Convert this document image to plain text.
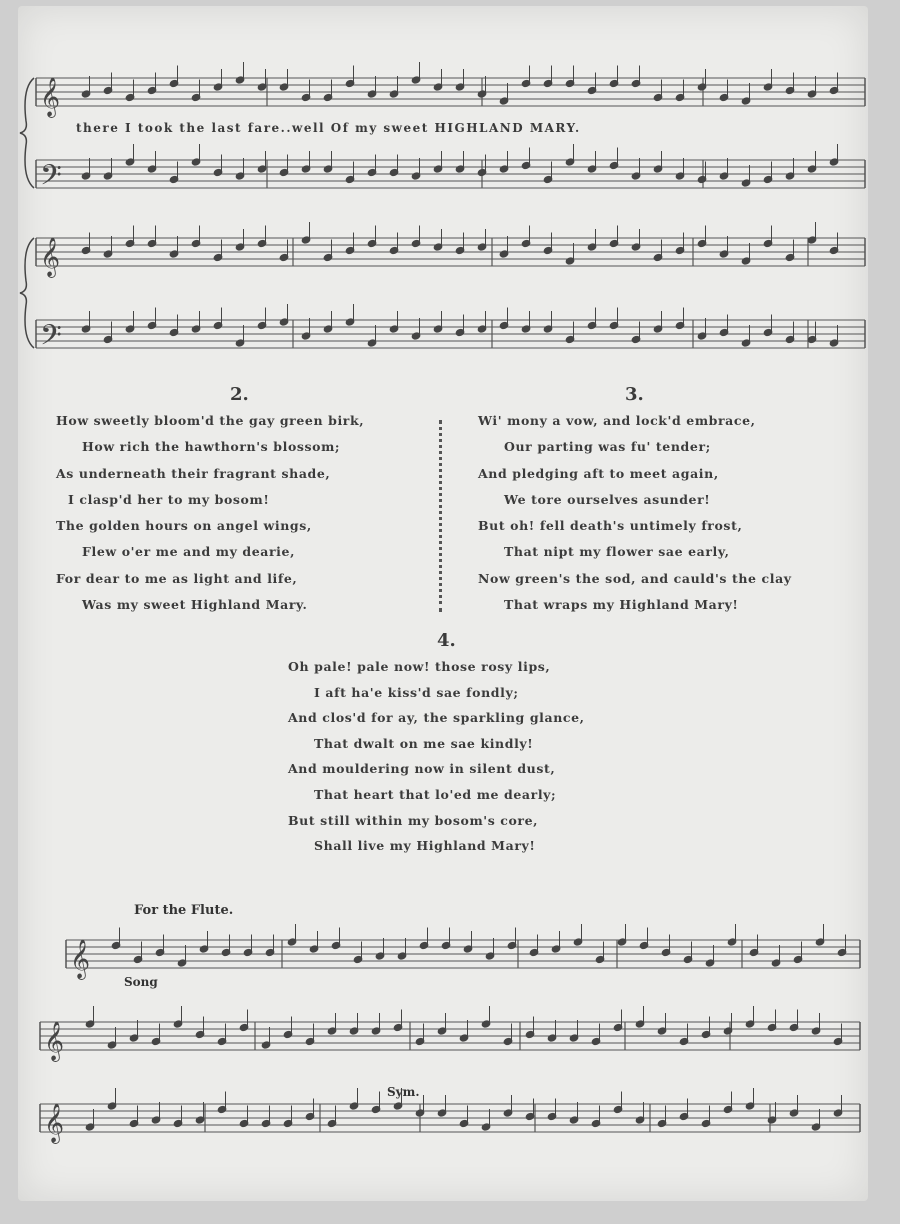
𝄞
𝄢
𝄞
𝄢
𝄞
𝄞
𝄞
there I took the last fare..well Of my sweet HIGHLAND MARY.
2.
How sweetly bloom'd the gay green birk,
How rich the hawthorn's blossom;
As underneath their fragrant shade,
I clasp'd her to my bosom!
The golden hours on angel wings,
Flew o'er me and my dearie,
For dear to me as light and life,
Was my sweet Highland Mary.
3.
Wi' mony a vow, and lock'd embrace,
Our parting was fu' tender;
And pledging aft to meet again,
We tore ourselves asunder!
But oh! fell death's untimely frost,
That nipt my flower sae early,
Now green's the sod, and cauld's the clay
That wraps my Highland Mary!
4.
Oh pale! pale now! those rosy lips,
I aft ha'e kiss'd sae fondly;
And clos'd for ay, the sparkling glance,
That dwalt on me sae kindly!
And mouldering now in silent dust,
That heart that lo'ed me dearly;
But still within my bosom's core,
Shall live my Highland Mary!
For the Flute.
Song
Sym.
